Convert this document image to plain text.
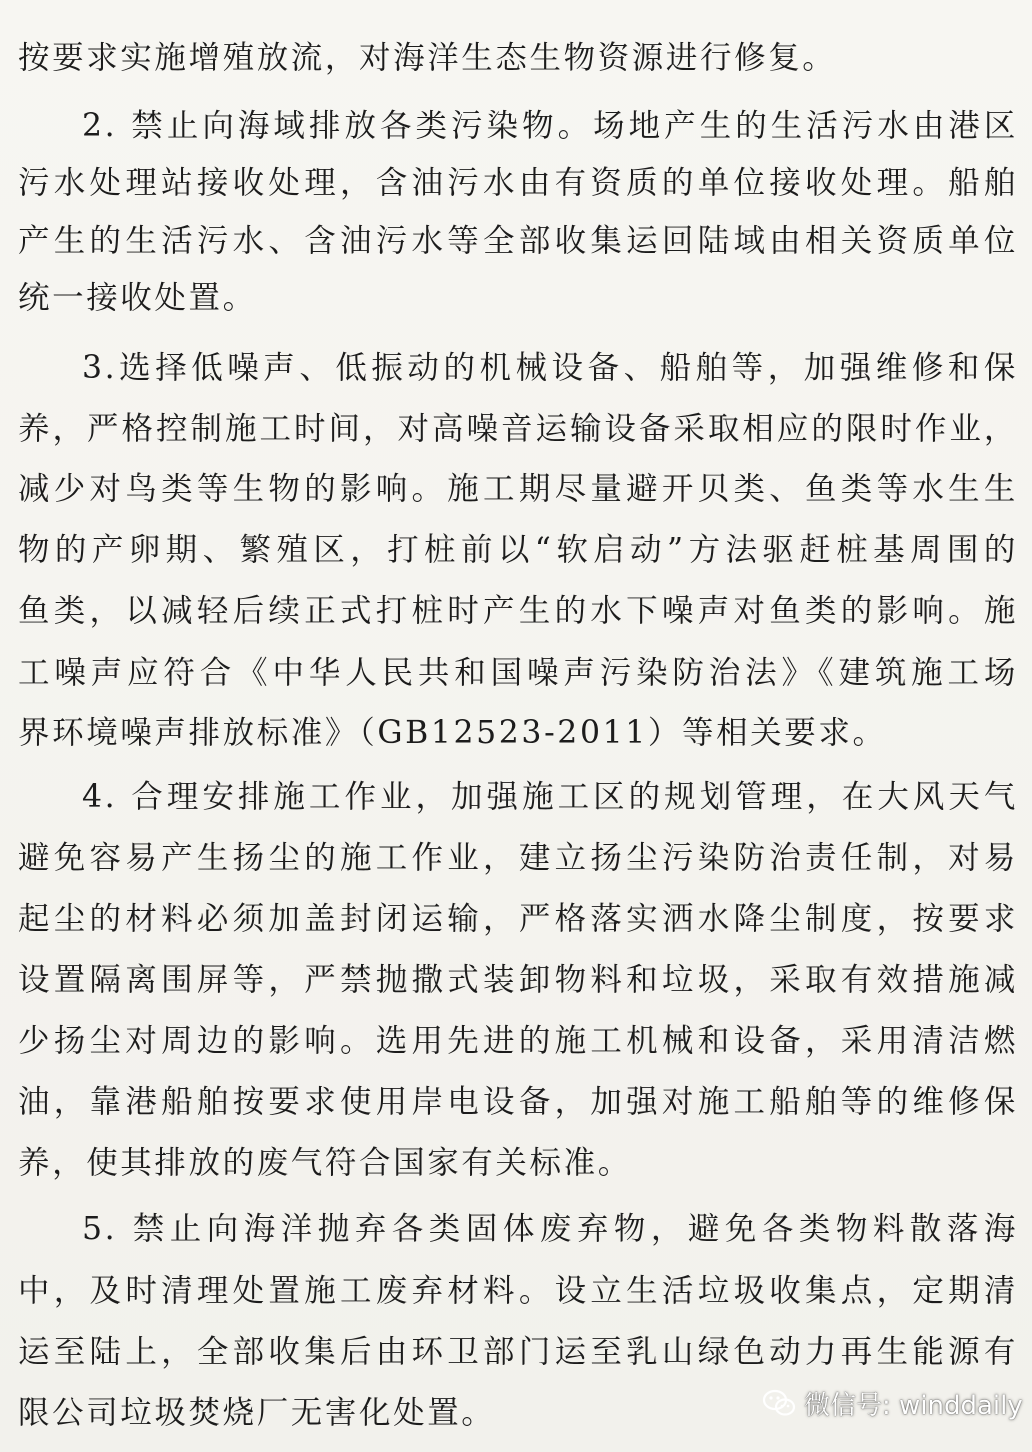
按要求实施增殖放流，对海洋生态生物资源进行修复。
2. 禁止向海域排放各类污染物。场地产生的生活污水由港区
污水处理站接收处理，含油污水由有资质的单位接收处理。船舶
产生的生活污水、含油污水等全部收集运回陆域由相关资质单位
统一接收处置。
3.选择低噪声、低振动的机械设备、船舶等，加强维修和保
养，严格控制施工时间，对高噪音运输设备采取相应的限时作业，
减少对鸟类等生物的影响。施工期尽量避开贝类、鱼类等水生生
物的产卵期、繁殖区，打桩前以“软启动”方法驱赶桩基周围的
鱼类，以减轻后续正式打桩时产生的水下噪声对鱼类的影响。施
工噪声应符合《中华人民共和国噪声污染防治法》《建筑施工场
界环境噪声排放标准》（GB12523-2011）等相关要求。
4. 合理安排施工作业，加强施工区的规划管理，在大风天气
避免容易产生扬尘的施工作业，建立扬尘污染防治责任制，对易
起尘的材料必须加盖封闭运输，严格落实洒水降尘制度，按要求
设置隔离围屏等，严禁抛撒式装卸物料和垃圾，采取有效措施减
少扬尘对周边的影响。选用先进的施工机械和设备，采用清洁燃
油，靠港船舶按要求使用岸电设备，加强对施工船舶等的维修保
养，使其排放的废气符合国家有关标准。
5. 禁止向海洋抛弃各类固体废弃物，避免各类物料散落海
中，及时清理处置施工废弃材料。设立生活垃圾收集点，定期清
运至陆上，全部收集后由环卫部门运至乳山绿色动力再生能源有
限公司垃圾焚烧厂无害化处置。	微信号: winddaily
